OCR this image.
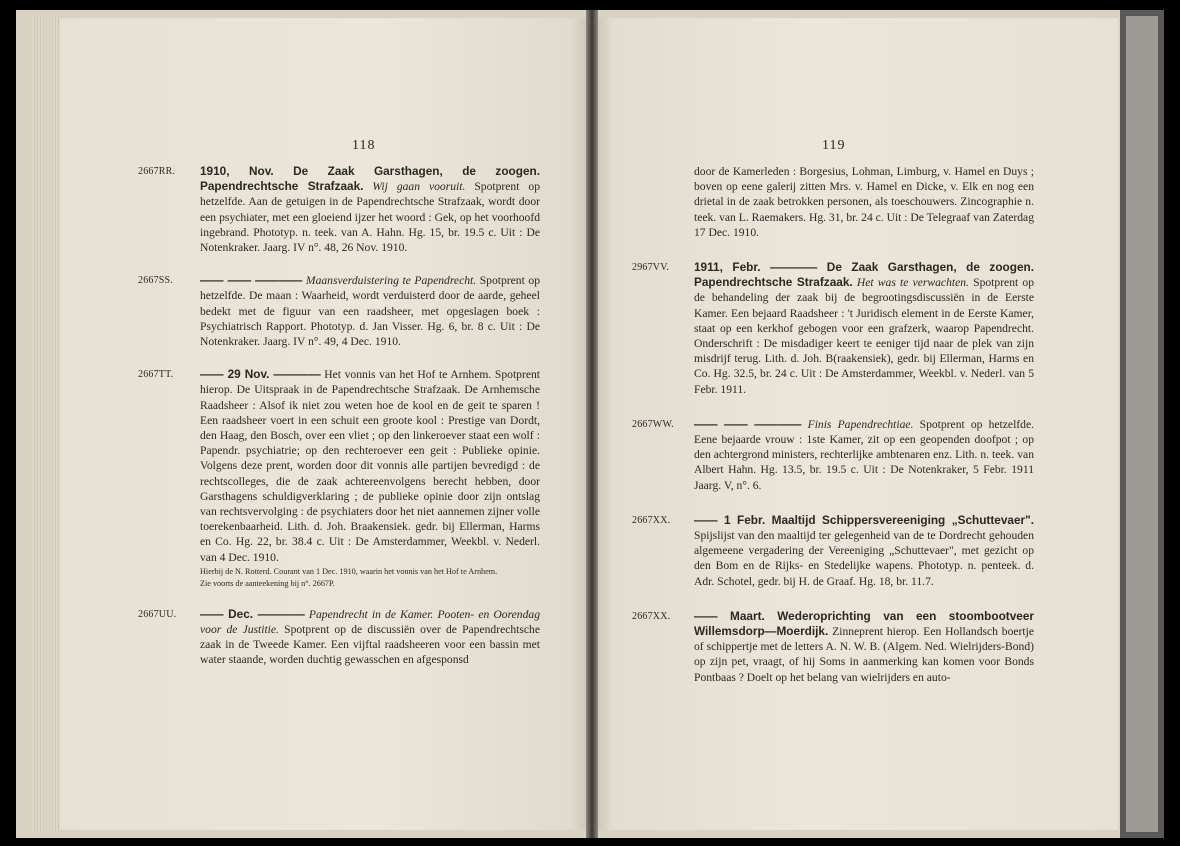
118
2667RR.	1910, Nov. De Zaak Garsthagen, de zoogen. Papendrechtsche Strafzaak. Wij gaan vooruit. Spotprent op hetzelfde. Aan de getuigen in de Papendrechtsche Strafzaak, wordt door een psychiater, met een gloeiend ijzer het woord : Gek, op het voorhoofd ingebrand. Phototyp. n. teek. van A. Hahn. Hg. 15, br. 19.5 c. Uit : De Notenkraker. Jaarg. IV n°. 48, 26 Nov. 1910.

2667SS.	—— —— ———— Maansverduistering te Papendrecht. Spotprent op hetzelfde. De maan : Waarheid, wordt verduisterd door de aarde, geheel bedekt met de figuur van een raadsheer, met opgeslagen boek : Psychiatrisch Rapport. Phototyp. d. Jan Visser. Hg. 6, br. 8 c. Uit : De Notenkraker. Jaarg. IV n°. 49, 4 Dec. 1910.

2667TT.	—— 29 Nov. ———— Het vonnis van het Hof te Arnhem. Spotprent hierop. De Uitspraak in de Papendrechtsche Strafzaak. De Arnhemsche Raadsheer : Alsof ik niet zou weten hoe de kool en de geit te sparen ! Een raadsheer voert in een schuit een groote kool : Prestige van Dordt, den Haag, den Bosch, over een vliet ; op den linkeroever staat een wolf : Papendr. psychiatrie; op den rechteroever een geit : Publieke opinie. Volgens deze prent, worden door dit vonnis alle partijen bevredigd : de rechtscolleges, die de zaak achtereenvolgens berecht hebben, door Garsthagens schuldigverklaring ; de publieke opinie door zijn ontslag van rechtsvervolging : de psychiaters door het niet aannemen zijner volle toerekenbaarheid. Lith. d. Joh. Braakensiek. gedr. bij Ellerman, Harms en Co. Hg. 22, br. 38.4 c. Uit : De Amsterdammer, Weekbl. v. Nederl. van 4 Dec. 1910.

Hierbij de N. Rotterd. Courant van 1 Dec. 1910, waarin het vonnis van het Hof te Arnhem.
Zie voorts de aanteekening bij n°. 2667P.
2667UU.	—— Dec. ———— Papendrecht in de Kamer. Pooten- en Oorendag voor de Justitie. Spotprent op de discussiën over de Papendrechtsche zaak in de Tweede Kamer. Een vijftal raadsheeren voor een bassin met water staande, worden duchtig gewasschen en afgesponsd

119

door de Kamerleden : Borgesius, Lohman, Limburg, v. Hamel en Duys ; boven op eene galerij zitten Mrs. v. Hamel en Dicke, v. Elk en nog een drietal in de zaak betrokken personen, als toeschouwers. Zincographie n. teek. van L. Raemakers. Hg. 31, br. 24 c. Uit : De Telegraaf van Zaterdag 17 Dec. 1910.

2967VV.	1911, Febr. ———— De Zaak Garsthagen, de zoogen. Papendrechtsche Strafzaak. Het was te verwachten. Spotprent op de behandeling der zaak bij de begrootingsdiscussiën in de Eerste Kamer. Een bejaard Raadsheer : 't Juridisch element in de Eerste Kamer, staat op een kerkhof gebogen voor een grafzerk, waarop Papendrecht. Onderschrift : De misdadiger keert te eeniger tijd naar de plek van zijn misdrijf terug. Lith. d. Joh. B(raakensiek), gedr. bij Ellerman, Harms en Co. Hg. 32.5, br. 24 c. Uit : De Amsterdammer, Weekbl. v. Nederl. van 5 Febr. 1911.

2667WW.	—— —— ———— Finis Papendrechtiae. Spotprent op hetzelfde. Eene bejaarde vrouw : 1ste Kamer, zit op een geopenden doofpot ; op den achtergrond ministers, rechterlijke ambtenaren enz. Lith. n. teek. van Albert Hahn. Hg. 13.5, br. 19.5 c. Uit : De Notenkraker, 5 Febr. 1911 Jaarg. V, n°. 6.

2667XX.	—— 1 Febr. Maaltijd Schippersvereeniging „Schuttevaer". Spijslijst van den maaltijd ter gelegenheid van de te Dordrecht gehouden algemeene vergadering der Vereeniging „Schuttevaer", met gezicht op den Bom en de Rijks- en Stedelijke wapens. Phototyp. n. penteek. d. Adr. Schotel, gedr. bij H. de Graaf. Hg. 18, br. 11.7.

2667XX.	—— Maart. Wederoprichting van een stoombootveer Willemsdorp—Moerdijk. Zinneprent hierop. Een Hollandsch boertje of schippertje met de letters A. N. W. B. (Algem. Ned. Wielrijders-Bond) op zijn pet, vraagt, of hij Soms in aanmerking kan komen voor Bonds Pontbaas ? Doelt op het belang van wielrijders en auto-
